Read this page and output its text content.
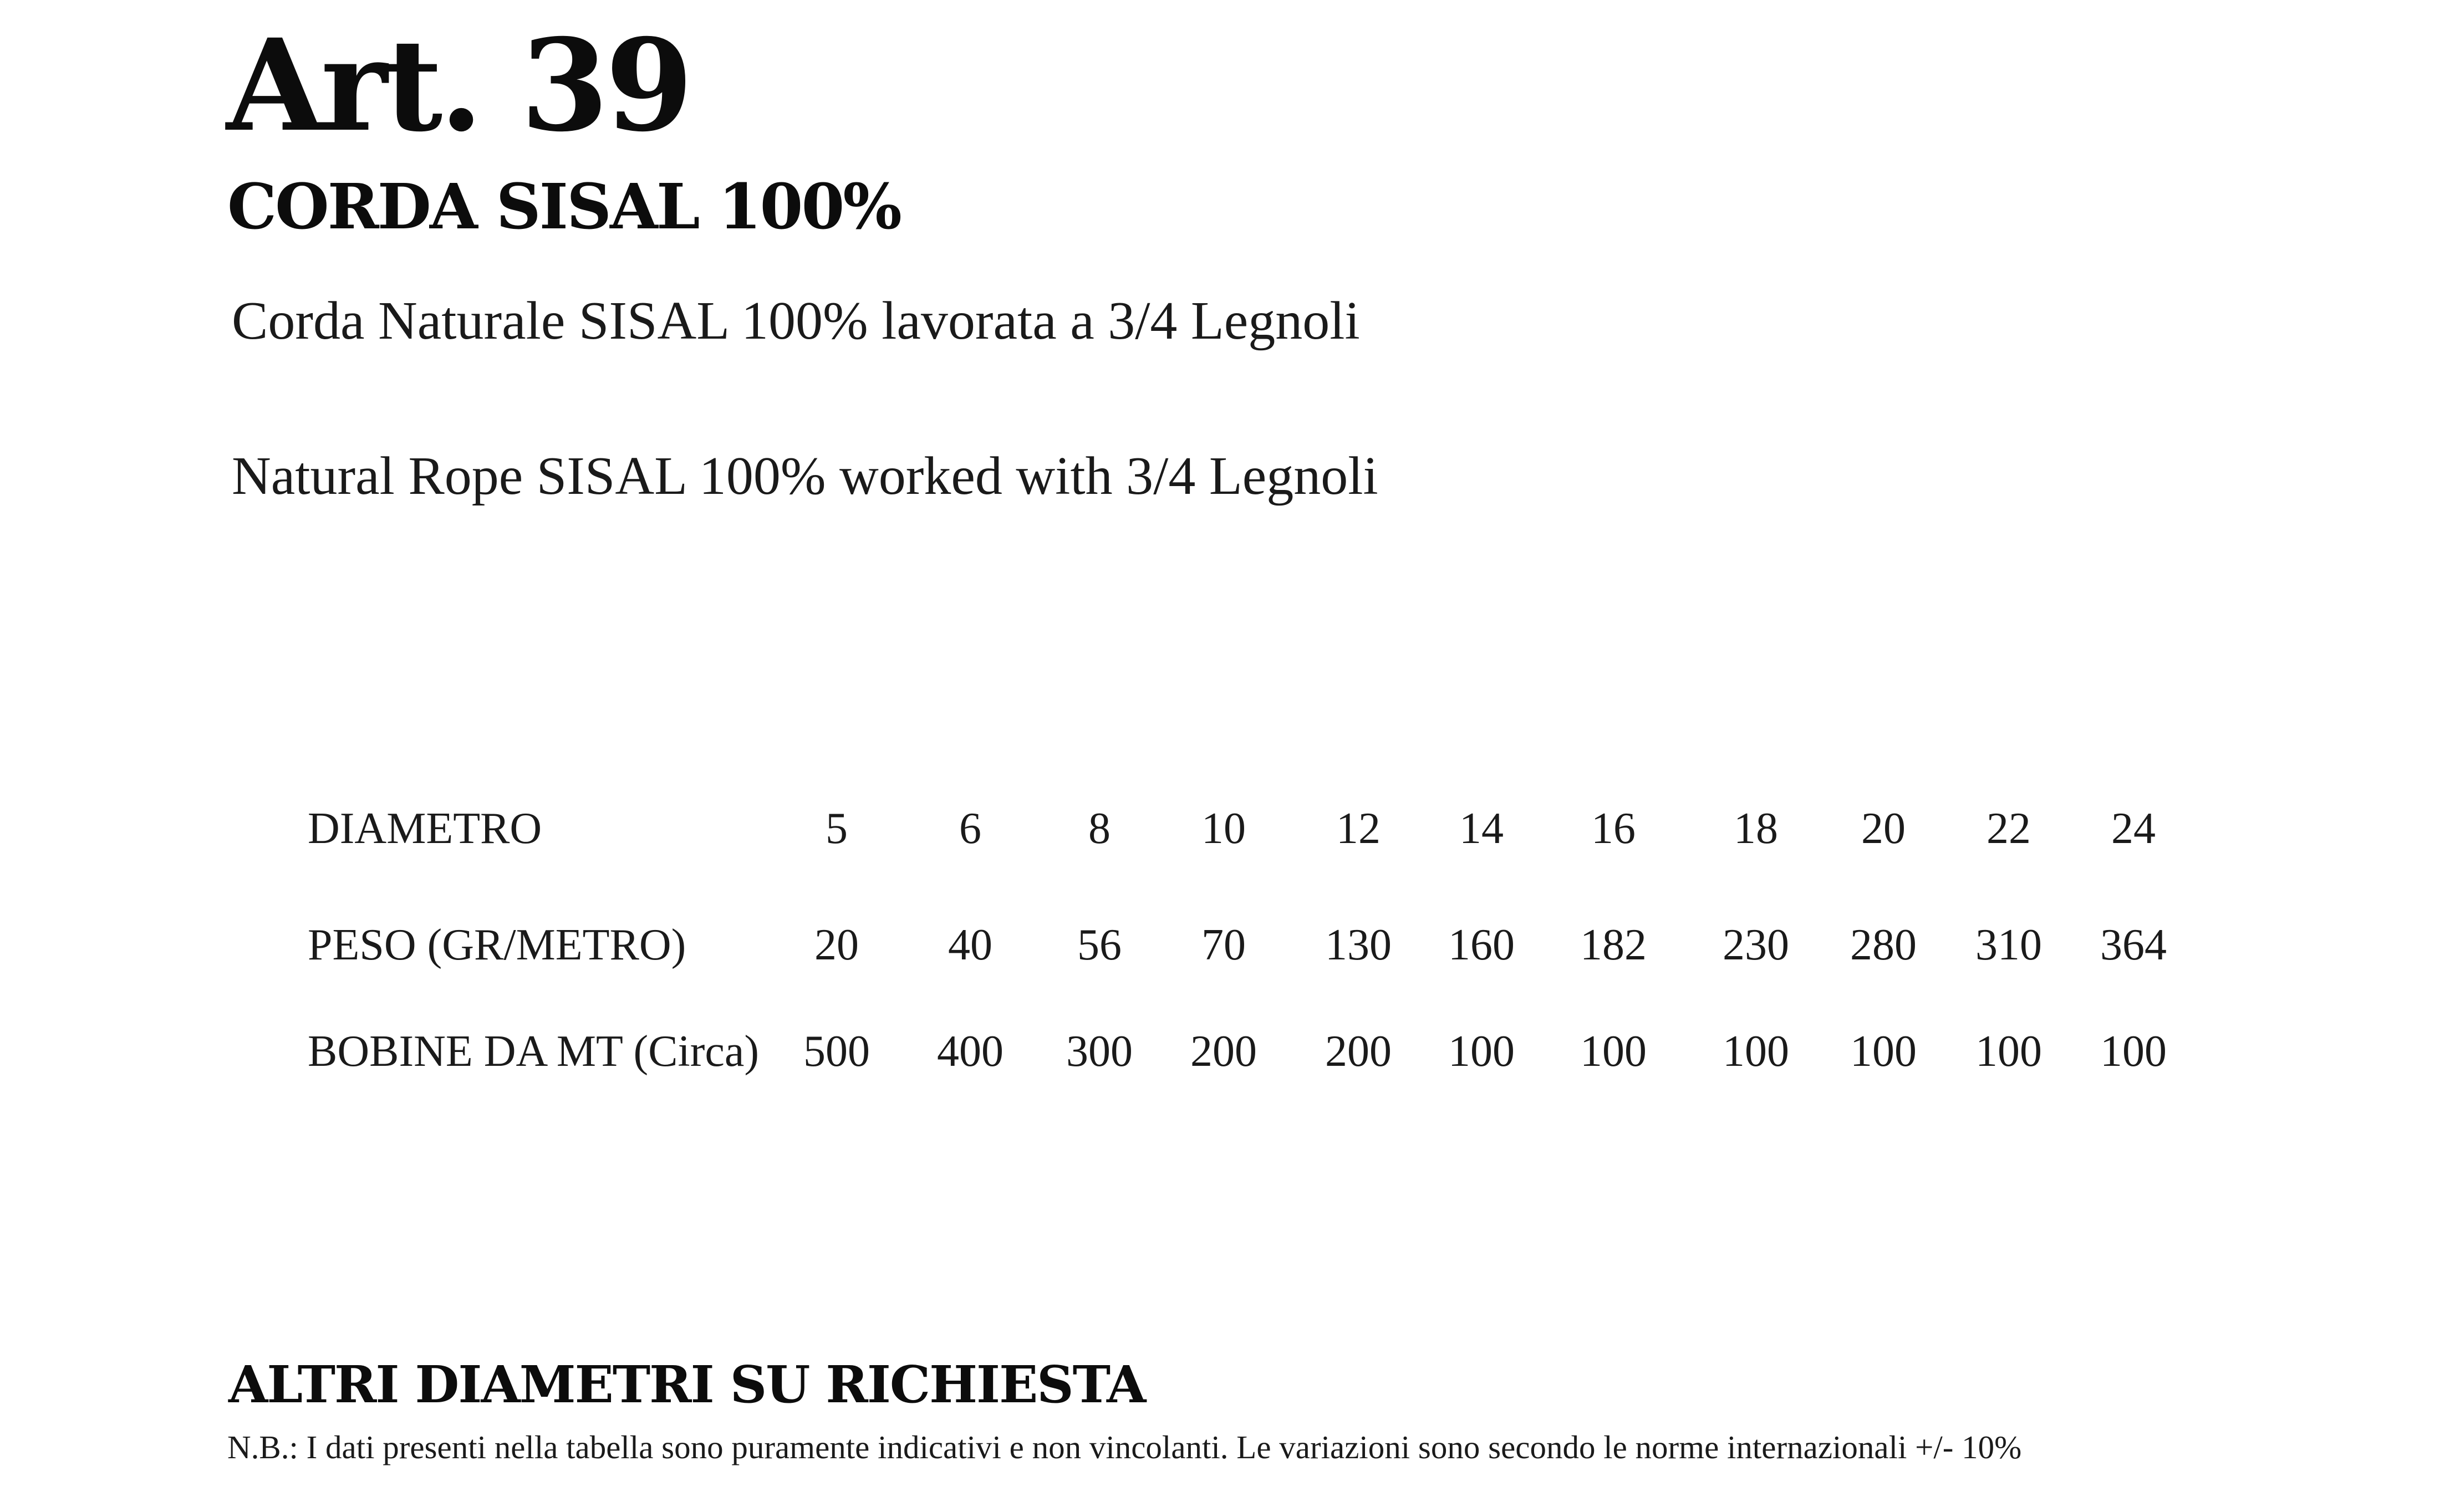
Art. 39
CORDA SISAL 100%

Corda Naturale SISAL 100% lavorata a 3/4 Legnoli

Natural Rope SISAL 100% worked with 3/4 Legnoli

DIAMETRO	5	6	8	10	12	14	16	18	20	22	24
PESO (GR/METRO)	20	40	56	70	130	160	182	230	280	310	364
BOBINE DA MT (Circa)	500	400	300	200	200	100	100	100	100	100	100
ALTRI DIAMETRI SU RICHIESTA

N.B.: I dati presenti nella tabella sono puramente indicativi e non vincolanti. Le variazioni sono secondo le norme internazionali +/- 10%
